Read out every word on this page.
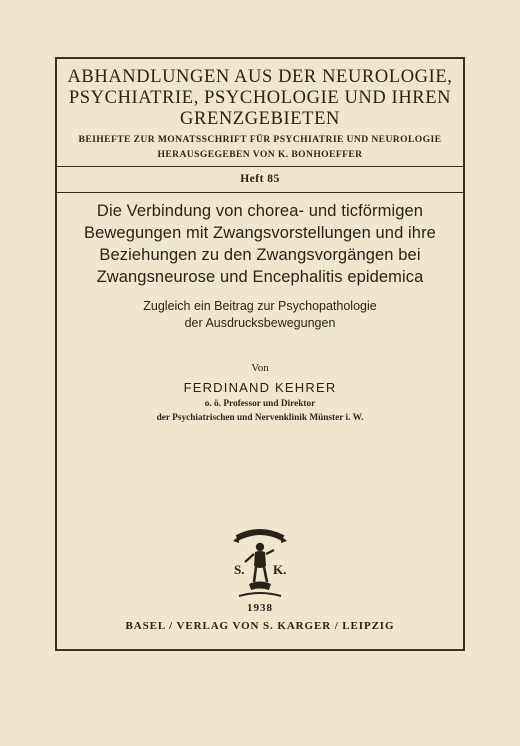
ABHANDLUNGEN AUS DER NEUROLOGIE,
PSYCHIATRIE, PSYCHOLOGIE UND IHREN
GRENZGEBIETEN
BEIHEFTE ZUR MONATSSCHRIFT FÜR PSYCHIATRIE UND NEUROLOGIE
HERAUSGEGEBEN VON K. BONHOEFFER
Heft 85
Die Verbindung von chorea- und ticförmigen
Bewegungen mit Zwangsvorstellungen und ihre
Beziehungen zu den Zwangsvorgängen bei
Zwangsneurose und Encephalitis epidemica
Zugleich ein Beitrag zur Psychopathologie
der Ausdrucksbewegungen
Von
FERDINAND KEHRER
o. ö. Professor und Direktor
der Psychiatrischen und Nervenklinik Münster i. W.
S. K.
1938
BASEL / VERLAG VON S. KARGER / LEIPZIG
